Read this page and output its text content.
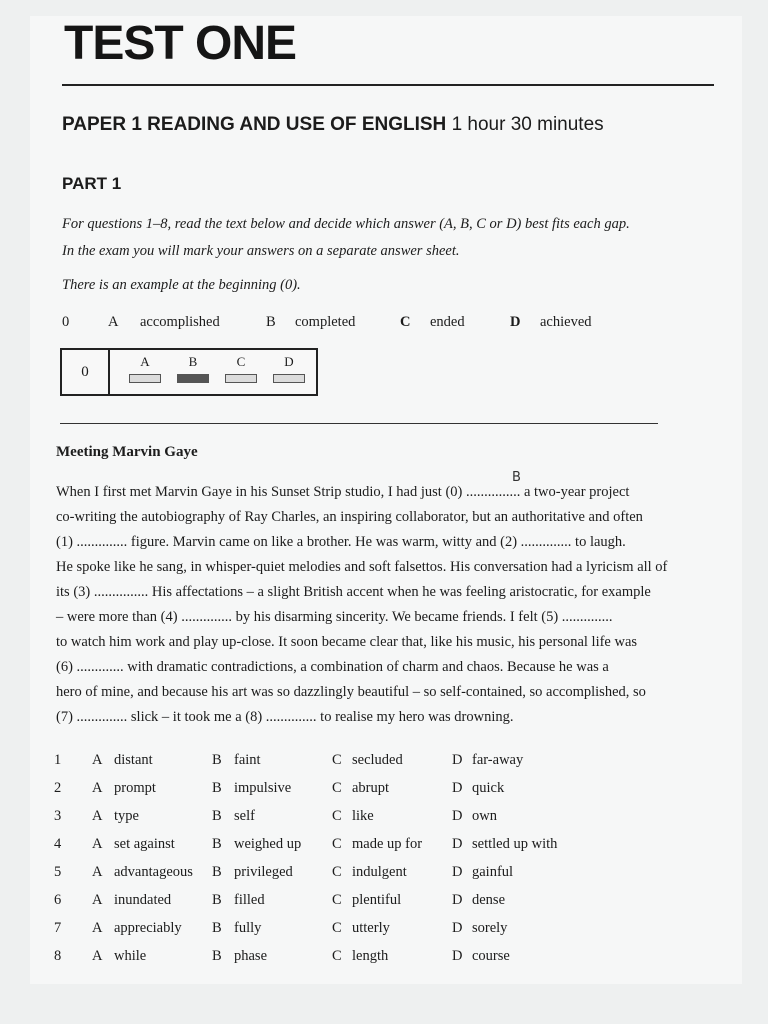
TEST ONE
PAPER 1 READING AND USE OF ENGLISH 1 hour 30 minutes
PART 1
For questions 1–8, read the text below and decide which answer (A, B, C or D) best fits each gap.
In the exam you will mark your answers on a separate answer sheet.
There is an example at the beginning (0).
0	A accomplished	B completed	C ended	D achieved
0
A	B	C	D
Meeting Marvin Gaye
B
When I first met Marvin Gaye in his Sunset Strip studio, I had just (0) ............... a two-year project
co-writing the autobiography of Ray Charles, an inspiring collaborator, but an authoritative and often
(1) .............. figure. Marvin came on like a brother. He was warm, witty and (2) .............. to laugh.
He spoke like he sang, in whisper-quiet melodies and soft falsettos. His conversation had a lyricism all of
its (3) ............... His affectations – a slight British accent when he was feeling aristocratic, for example
– were more than (4) .............. by his disarming sincerity. We became friends. I felt (5) ..............
to watch him work and play up-close. It soon became clear that, like his music, his personal life was
(6) ............. with dramatic contradictions, a combination of charm and chaos. Because he was a
hero of mine, and because his art was so dazzlingly beautiful – so self-contained, so accomplished, so
(7) .............. slick – it took me a (8) .............. to realise my hero was drowning.
1 A distant	B faint	C secluded	D far-away
2 A prompt	B impulsive	C abrupt	D quick
3 A type	B self	C like	D own
4 A set against	B weighed up C made up for D settled up with
5 A advantageous B privileged	C indulgent	D gainful
6 A inundated	B filled	C plentiful	D dense
7 A appreciably B fully	C utterly	D sorely
8 A while	B phase	C length	D course
